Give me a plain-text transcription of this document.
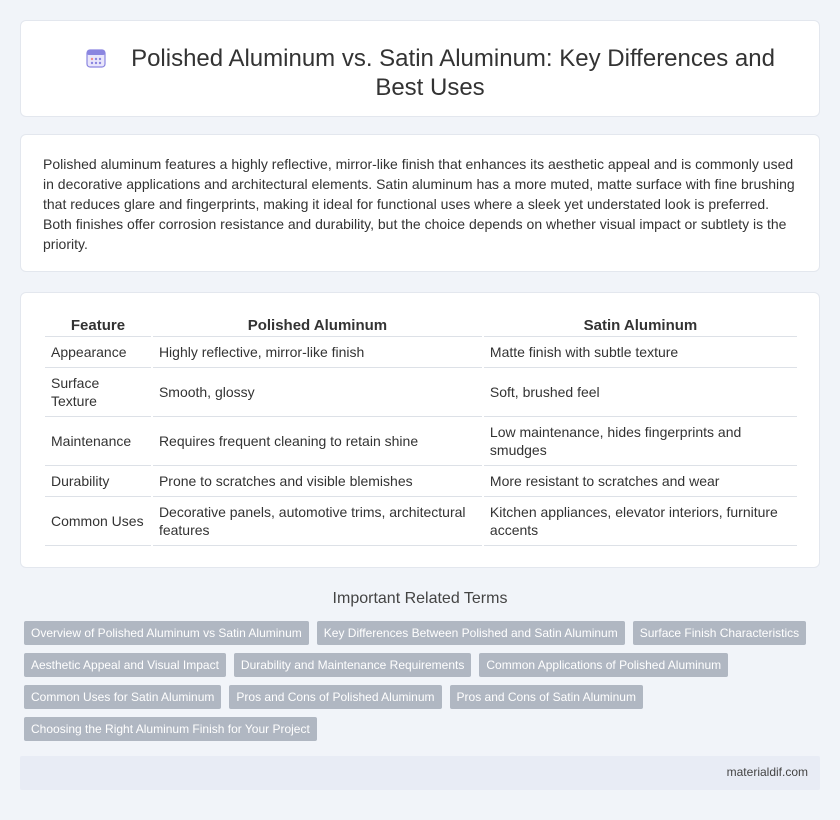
Polished Aluminum vs. Satin Aluminum: Key Differences and Best Uses

Polished aluminum features a highly reflective, mirror-like finish that enhances its aesthetic appeal and is commonly used in decorative applications and architectural elements. Satin aluminum has a more muted, matte surface with fine brushing that reduces glare and fingerprints, making it ideal for functional uses where a sleek yet understated look is preferred. Both finishes offer corrosion resistance and durability, but the choice depends on whether visual impact or subtlety is the priority.

Feature	Polished Aluminum	Satin Aluminum
Appearance	Highly reflective, mirror-like finish	Matte finish with subtle texture
Surface Texture	Smooth, glossy	Soft, brushed feel
Maintenance	Requires frequent cleaning to retain shine	Low maintenance, hides fingerprints and smudges
Durability	Prone to scratches and visible blemishes	More resistant to scratches and wear
Common Uses	Decorative panels, automotive trims, architectural features	Kitchen appliances, elevator interiors, furniture accents
Important Related Terms
Overview of Polished Aluminum vs Satin Aluminum	Key Differences Between Polished and Satin Aluminum	Surface Finish Characteristics
Aesthetic Appeal and Visual Impact	Durability and Maintenance Requirements	Common Applications of Polished Aluminum
Common Uses for Satin Aluminum	Pros and Cons of Polished Aluminum	Pros and Cons of Satin Aluminum
Choosing the Right Aluminum Finish for Your Project
materialdif.com
